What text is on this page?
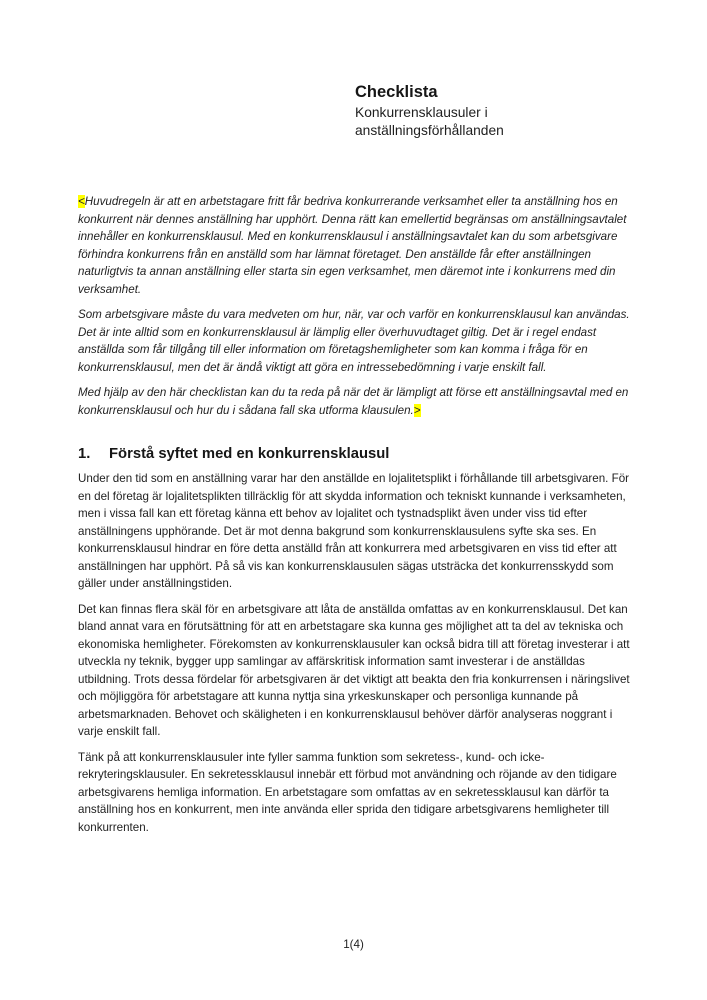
Checklista
Konkurrensklausuler i anställningsförhållanden

<Huvudregeln är att en arbetstagare fritt får bedriva konkurrerande verksamhet eller ta anställning hos en konkurrent när dennes anställning har upphört. Denna rätt kan emellertid begränsas om anställningsavtalet innehåller en konkurrensklausul. Med en konkurrensklausul i anställningsavtalet kan du som arbetsgivare förhindra konkurrens från en anställd som har lämnat företaget. Den anställde får efter anställningen naturligtvis ta annan anställning eller starta sin egen verksamhet, men däremot inte i konkurrens med din verksamhet.

Som arbetsgivare måste du vara medveten om hur, när, var och varför en konkurrensklausul kan användas. Det är inte alltid som en konkurrensklausul är lämplig eller överhuvudtaget giltig. Det är i regel endast anställda som får tillgång till eller information om företagshemligheter som kan komma i fråga för en konkurrensklausul, men det är ändå viktigt att göra en intressebedömning i varje enskilt fall.

Med hjälp av den här checklistan kan du ta reda på när det är lämpligt att förse ett anställningsavtal med en konkurrensklausul och hur du i sådana fall ska utforma klausulen.>

1. Förstå syftet med en konkurrensklausul

Under den tid som en anställning varar har den anställde en lojalitetsplikt i förhållande till arbetsgivaren. För en del företag är lojalitetsplikten tillräcklig för att skydda information och tekniskt kunnande i verksamheten, men i vissa fall kan ett företag känna ett behov av lojalitet och tystnadsplikt även under viss tid efter anställningens upphörande. Det är mot denna bakgrund som konkurrensklausulens syfte ska ses. En konkurrensklausul hindrar en före detta anställd från att konkurrera med arbetsgivaren en viss tid efter att anställningen har upphört. På så vis kan konkurrensklausulen sägas utsträcka det konkurrensskydd som gäller under anställningstiden.

Det kan finnas flera skäl för en arbetsgivare att låta de anställda omfattas av en konkurrensklausul. Det kan bland annat vara en förutsättning för att en arbetstagare ska kunna ges möjlighet att ta del av tekniska och ekonomiska hemligheter. Förekomsten av konkurrensklausuler kan också bidra till att företag investerar i att utveckla ny teknik, bygger upp samlingar av affärskritisk information samt investerar i de anställdas utbildning. Trots dessa fördelar för arbetsgivaren är det viktigt att beakta den fria konkurrensen i näringslivet och möjliggöra för arbetstagare att kunna nyttja sina yrkeskunskaper och personliga kunnande på arbetsmarknaden. Behovet och skäligheten i en konkurrensklausul behöver därför analyseras noggrant i varje enskilt fall.

Tänk på att konkurrensklausuler inte fyller samma funktion som sekretess-, kund- och icke-rekryteringsklausuler. En sekretessklausul innebär ett förbud mot användning och röjande av den tidigare arbetsgivarens hemliga information. En arbetstagare som omfattas av en sekretessklausul kan därför ta anställning hos en konkurrent, men inte använda eller sprida den tidigare arbetsgivarens hemligheter till konkurrenten.

1(4)
